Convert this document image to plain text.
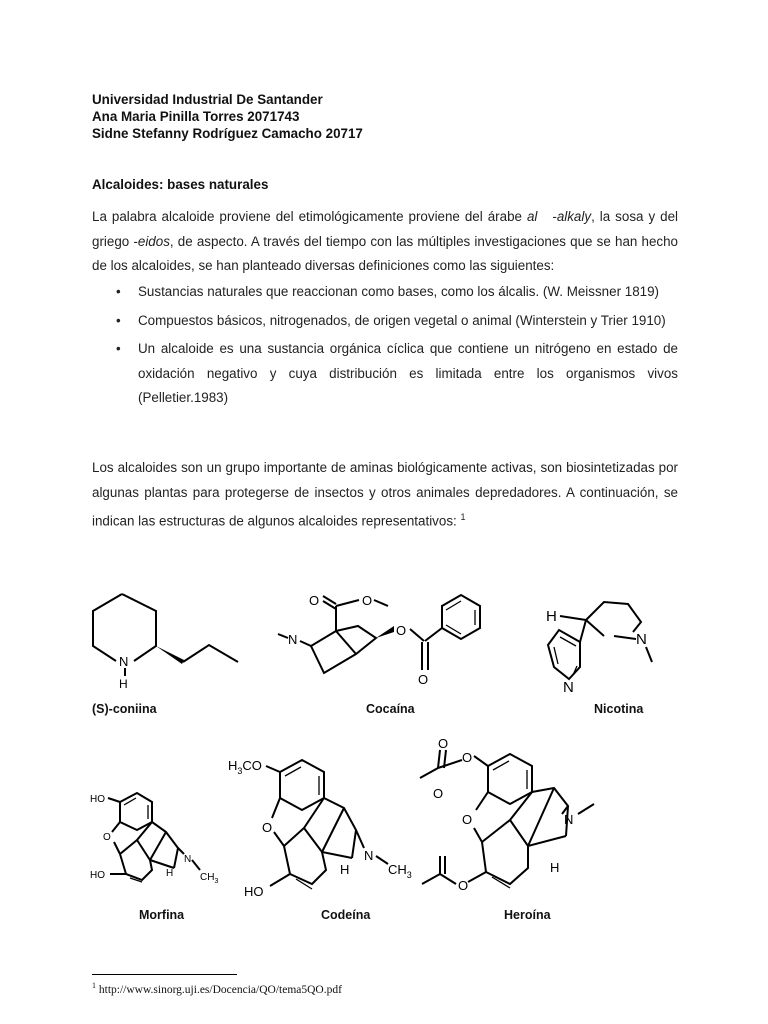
Universidad Industrial De Santander
Ana Maria Pinilla Torres 2071743
Sidne Stefanny Rodríguez Camacho 20717
Alcaloides: bases naturales
La palabra alcaloide proviene del etimológicamente proviene del árabe al   -alkaly, la sosa y del griego -eidos, de aspecto. A través del tiempo con las múltiples investigaciones que se han hecho de los alcaloides, se han planteado diversas definiciones como las siguientes:
• Sustancias naturales que reaccionan como bases, como los álcalis. (W. Meissner 1819)
• Compuestos básicos, nitrogenados, de origen vegetal o animal (Winterstein y Trier 1910)
• Un alcaloide es una sustancia orgánica cíclica que contiene un nitrógeno en estado de oxidación negativo y cuya distribución es limitada entre los organismos vivos (Pelletier.1983)
Los alcaloides son un grupo importante de aminas biológicamente activas, son biosintetizadas por algunas plantas para protegerse de insectos y otros animales depredadores. A continuación, se indican las estructuras de algunos alcaloides representativos: $^1$
N
H
(S)-coniina
O	O
N
O
O
Cocaína
H
N
N
Nicotina
HO
O
N
$CH_3$
H
HO
Morfina
$H_3CO$
O
N
$CH_3$
H
HO
Codeína
O
O
O
O	N
H
O
Heroína
$^1$ http://www.sinorg.uji.es/Docencia/QO/tema5QO.pdf
